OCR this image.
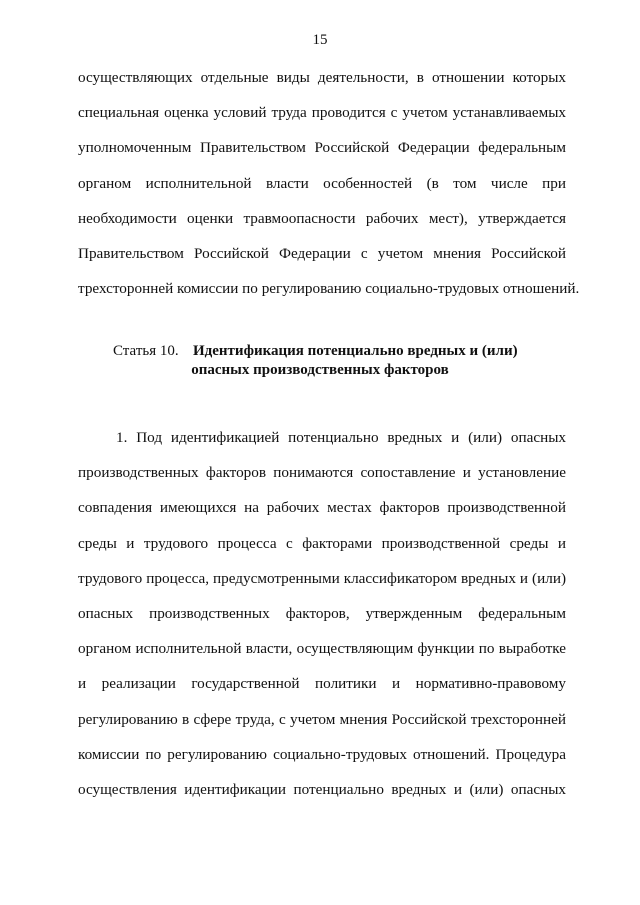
15
осуществляющих отдельные виды деятельности, в отношении которых
специальная оценка условий труда проводится с учетом устанавливаемых
уполномоченным Правительством Российской Федерации федеральным
органом исполнительной власти особенностей (в том числе при
необходимости оценки травмоопасности рабочих мест), утверждается
Правительством Российской Федерации с учетом мнения Российской
трехсторонней комиссии по регулированию социально-трудовых отношений.
Статья 10. Идентификация потенциально вредных и (или)
опасных производственных факторов
1. Под идентификацией потенциально вредных и (или) опасных
производственных факторов понимаются сопоставление и установление
совпадения имеющихся на рабочих местах факторов производственной
среды и трудового процесса с факторами производственной среды и
трудового процесса, предусмотренными классификатором вредных и (или)
опасных производственных факторов, утвержденным федеральным
органом исполнительной власти, осуществляющим функции по выработке
и реализации государственной политики и нормативно-правовому
регулированию в сфере труда, с учетом мнения Российской трехсторонней
комиссии по регулированию социально-трудовых отношений. Процедура
осуществления идентификации потенциально вредных и (или) опасных
